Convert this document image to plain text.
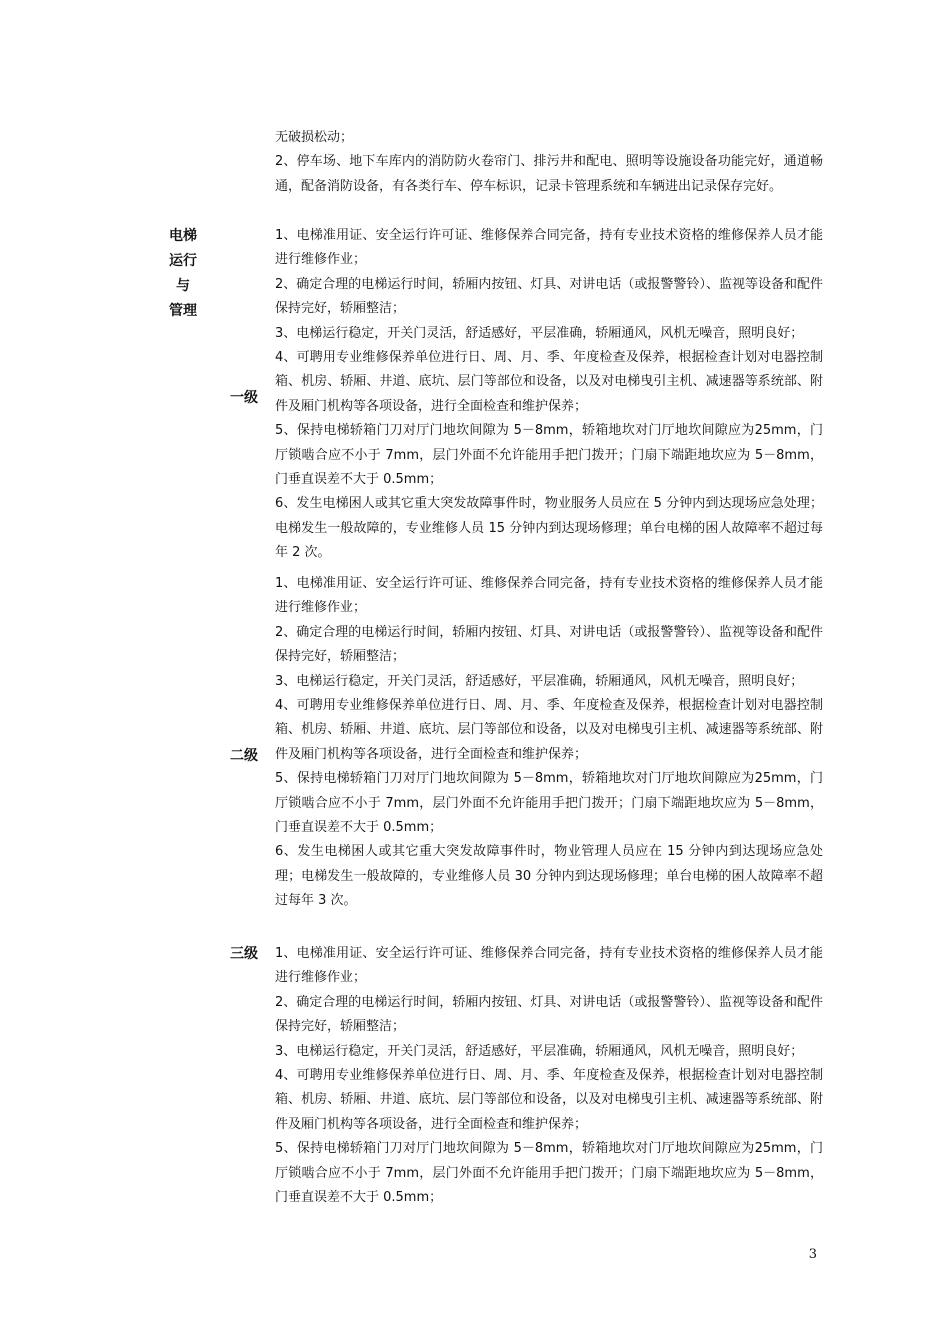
无破损松动；

2、停车场、地下车库内的消防防火卷帘门、排污井和配电、照明等设施设备功能完好，通道畅通，配备消防设备，有各类行车、停车标识，记录卡管理系统和车辆进出记录保存完好。

电梯
运行
与
管理
一级

1、电梯准用证、安全运行许可证、维修保养合同完备，持有专业技术资格的维修保养人员才能进行维修作业；

2、确定合理的电梯运行时间，轿厢内按钮、灯具、对讲电话（或报警警铃）、监视等设备和配件保持完好，轿厢整洁；

3、电梯运行稳定，开关门灵活，舒适感好，平层准确，轿厢通风，风机无噪音，照明良好；

4、可聘用专业维修保养单位进行日、周、月、季、年度检查及保养，根据检查计划对电器控制箱、机房、轿厢、井道、底坑、层门等部位和设备，以及对电梯曳引主机、减速器等系统部、附件及厢门机构等各项设备，进行全面检查和维护保养；

5、保持电梯轿箱门刀对厅门地坎间隙为 5－8mm，轿箱地坎对门厅地坎间隙应为25mm，门厅锁啮合应不小于 7mm，层门外面不允许能用手把门拨开；门扇下端距地坎应为 5－8mm，门垂直误差不大于 0.5mm；

6、发生电梯困人或其它重大突发故障事件时，物业服务人员应在 5 分钟内到达现场应急处理；电梯发生一般故障的，专业维修人员 15 分钟内到达现场修理；单台电梯的困人故障率不超过每年 2 次。

二级

1、电梯准用证、安全运行许可证、维修保养合同完备，持有专业技术资格的维修保养人员才能进行维修作业；

2、确定合理的电梯运行时间，轿厢内按钮、灯具、对讲电话（或报警警铃）、监视等设备和配件保持完好，轿厢整洁；

3、电梯运行稳定，开关门灵活，舒适感好，平层准确，轿厢通风，风机无噪音，照明良好；

4、可聘用专业维修保养单位进行日、周、月、季、年度检查及保养，根据检查计划对电器控制箱、机房、轿厢、井道、底坑、层门等部位和设备，以及对电梯曳引主机、减速器等系统部、附件及厢门机构等各项设备，进行全面检查和维护保养；

5、保持电梯轿箱门刀对厅门地坎间隙为 5－8mm，轿箱地坎对门厅地坎间隙应为25mm，门厅锁啮合应不小于 7mm，层门外面不允许能用手把门拨开；门扇下端距地坎应为 5－8mm，门垂直误差不大于 0.5mm；

6、发生电梯困人或其它重大突发故障事件时，物业管理人员应在 15 分钟内到达现场应急处理；电梯发生一般故障的，专业维修人员 30 分钟内到达现场修理；单台电梯的困人故障率不超过每年 3 次。

三级	1、电梯准用证、安全运行许可证、维修保养合同完备，持有专业技术资格的维修保养人员才能进行维修作业；

2、确定合理的电梯运行时间，轿厢内按钮、灯具、对讲电话（或报警警铃）、监视等设备和配件保持完好，轿厢整洁；

3、电梯运行稳定，开关门灵活，舒适感好，平层准确，轿厢通风，风机无噪音，照明良好；

4、可聘用专业维修保养单位进行日、周、月、季、年度检查及保养，根据检查计划对电器控制箱、机房、轿厢、井道、底坑、层门等部位和设备，以及对电梯曳引主机、减速器等系统部、附件及厢门机构等各项设备，进行全面检查和维护保养；

5、保持电梯轿箱门刀对厅门地坎间隙为 5－8mm，轿箱地坎对门厅地坎间隙应为25mm，门厅锁啮合应不小于 7mm，层门外面不允许能用手把门拨开；门扇下端距地坎应为 5－8mm，门垂直误差不大于 0.5mm；

3
